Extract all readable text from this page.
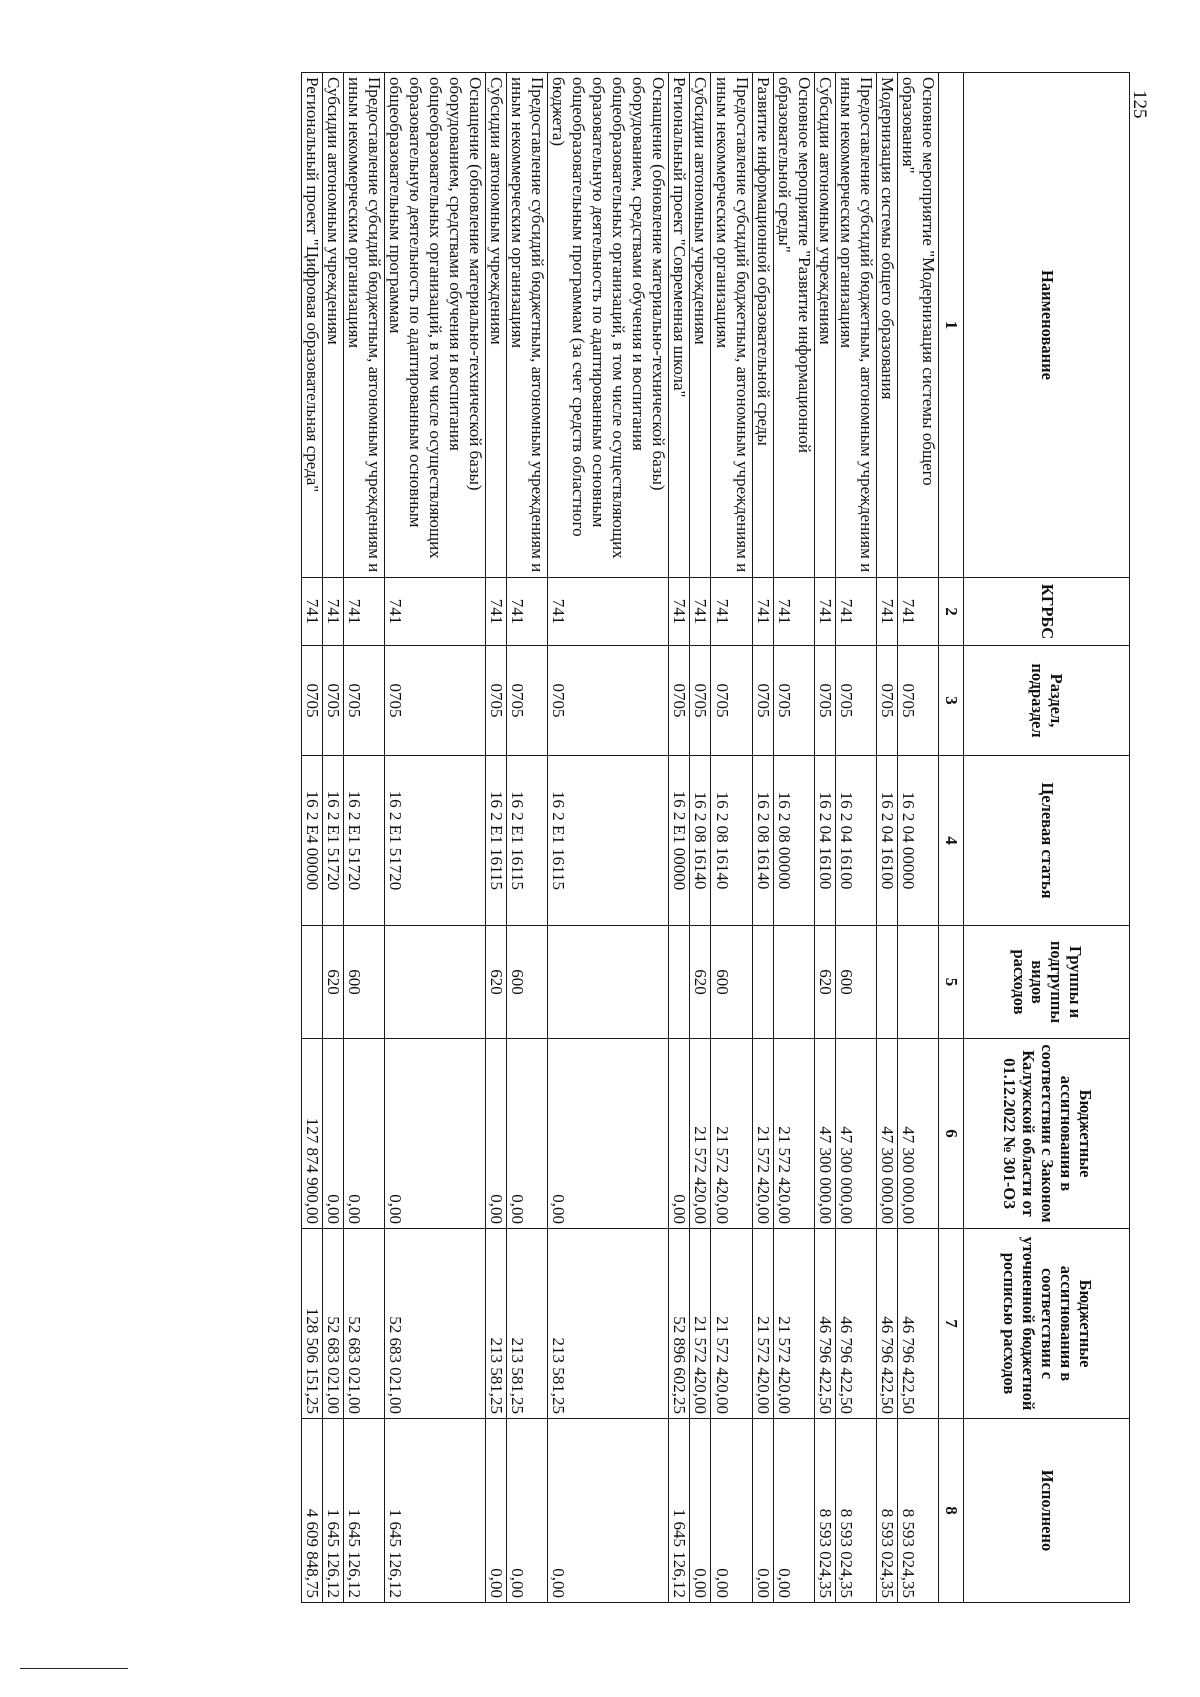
125
Наименование	КГРБС	Раздел, подраздел	Целевая статья	Группы и подгруппы видов расходов	Бюджетные ассигнования в соответствии с Законом Калужской области от 01.12.2022 № 301-ОЗ	Бюджетные ассигнования в соответствии с уточненной бюджетной росписью расходов	Исполнено
1	2	3	4	5	6	7	8
Основное мероприятие "Модернизация системы общего образования"	741	0705	16 2 04 00000		47 300 000,00	46 796 422,50	8 593 024,35
Модернизация системы общего образования	741	0705	16 2 04 16100		47 300 000,00	46 796 422,50	8 593 024,35
Предоставление субсидий бюджетным, автономным учреждениям и иным некоммерческим организациям	741	0705	16 2 04 16100	600	47 300 000,00	46 796 422,50	8 593 024,35
Субсидии автономным учреждениям	741	0705	16 2 04 16100	620	47 300 000,00	46 796 422,50	8 593 024,35
Основное мероприятие "Развитие информационной образовательной среды"	741	0705	16 2 08 00000		21 572 420,00	21 572 420,00	0,00
Развитие информационной образовательной среды	741	0705	16 2 08 16140		21 572 420,00	21 572 420,00	0,00
Предоставление субсидий бюджетным, автономным учреждениям и иным некоммерческим организациям	741	0705	16 2 08 16140	600	21 572 420,00	21 572 420,00	0,00
Субсидии автономным учреждениям	741	0705	16 2 08 16140	620	21 572 420,00	21 572 420,00	0,00
Региональный проект "Современная школа"	741	0705	16 2 E1 00000		0,00	52 896 602,25	1 645 126,12
Оснащение (обновление материально-технической базы) оборудованием, средствами обучения и воспитания общеобразовательных организаций, в том числе осуществляющих образовательную деятельность по адаптированным основным общеобразовательным программам (за счет средств областного бюджета)	741	0705	16 2 E1 16115		0,00	213 581,25	0,00
Предоставление субсидий бюджетным, автономным учреждениям и иным некоммерческим организациям	741	0705	16 2 E1 16115	600	0,00	213 581,25	0,00
Субсидии автономным учреждениям	741	0705	16 2 E1 16115	620	0,00	213 581,25	0,00
Оснащение (обновление материально-технической базы) оборудованием, средствами обучения и воспитания общеобразовательных организаций, в том числе осуществляющих образовательную деятельность по адаптированным основным общеобразовательным программам	741	0705	16 2 E1 51720		0,00	52 683 021,00	1 645 126,12
Предоставление субсидий бюджетным, автономным учреждениям и иным некоммерческим организациям	741	0705	16 2 E1 51720	600	0,00	52 683 021,00	1 645 126,12
Субсидии автономным учреждениям	741	0705	16 2 E1 51720	620	0,00	52 683 021,00	1 645 126,12
Региональный проект "Цифровая образовательная среда"	741	0705	16 2 E4 00000		127 874 900,00	128 506 151,25	4 609 848,75
